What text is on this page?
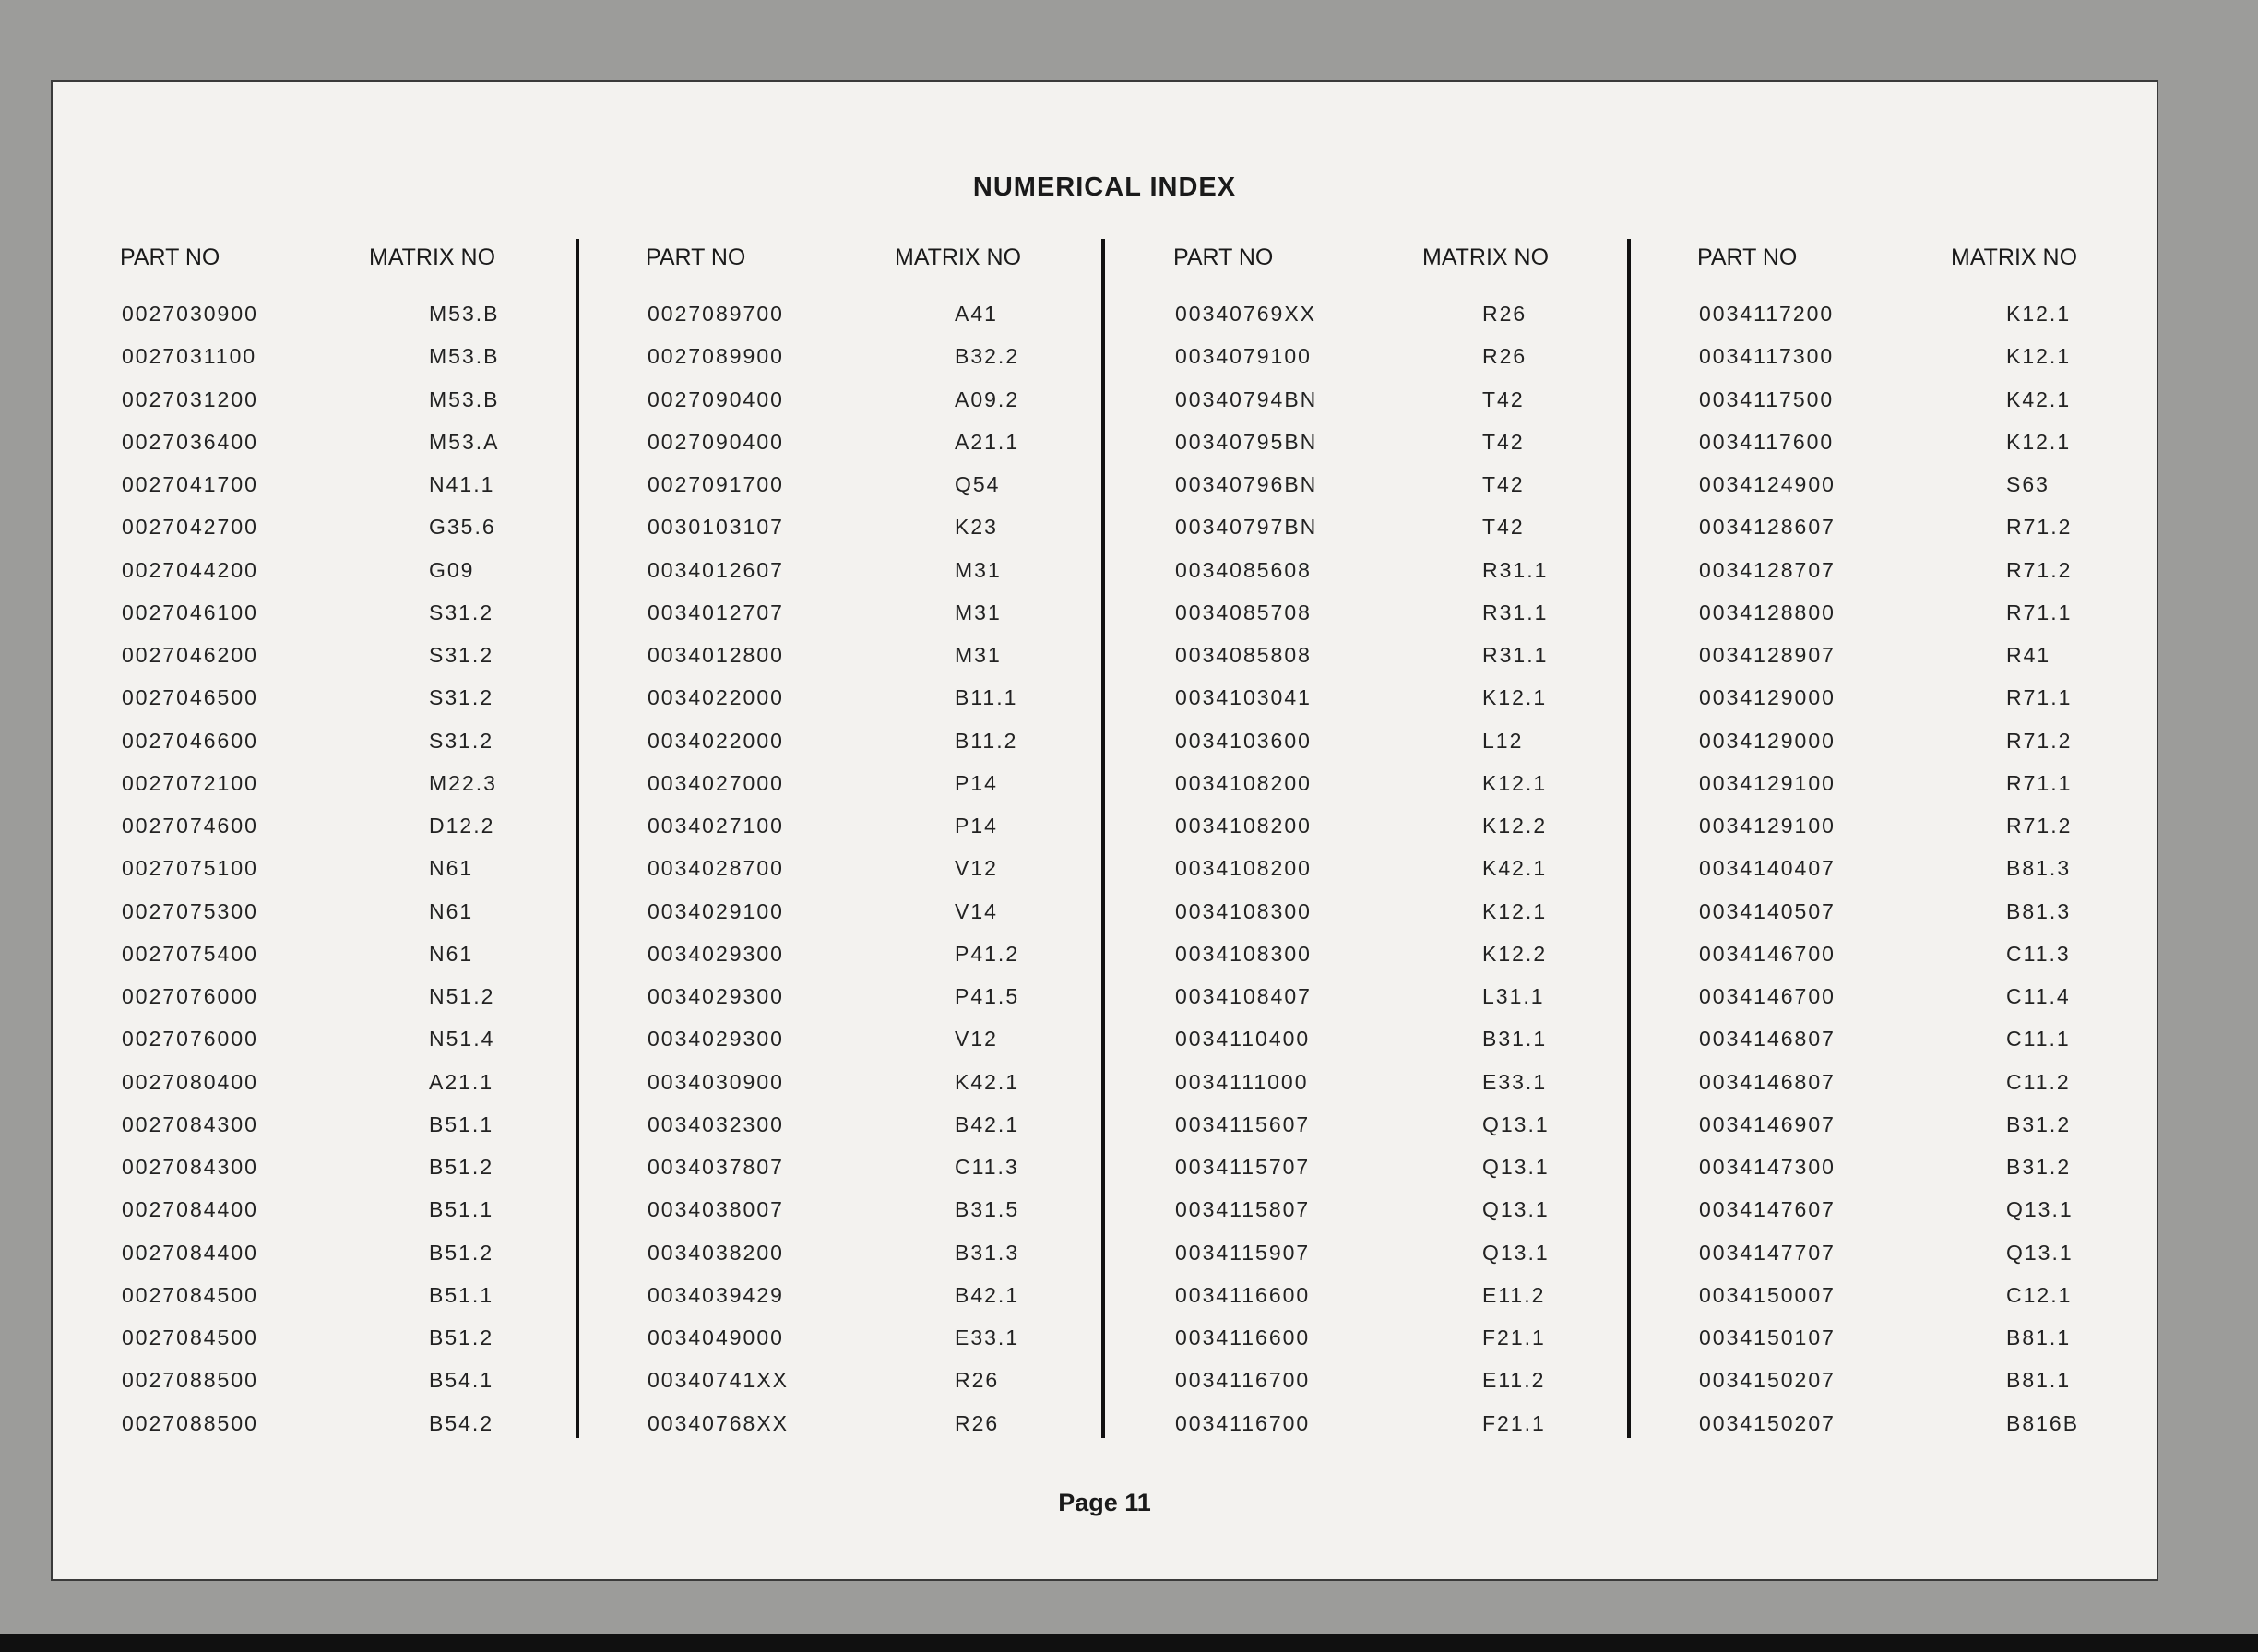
NUMERICAL INDEX
PART NO	MATRIX NO
0027030900	M53.B
0027031100	M53.B
0027031200	M53.B
0027036400	M53.A
0027041700	N41.1
0027042700	G35.6
0027044200	G09
0027046100	S31.2
0027046200	S31.2
0027046500	S31.2
0027046600	S31.2
0027072100	M22.3
0027074600	D12.2
0027075100	N61
0027075300	N61
0027075400	N61
0027076000	N51.2
0027076000	N51.4
0027080400	A21.1
0027084300	B51.1
0027084300	B51.2
0027084400	B51.1
0027084400	B51.2
0027084500	B51.1
0027084500	B51.2
0027088500	B54.1
0027088500	B54.2
PART NO	MATRIX NO
0027089700	A41
0027089900	B32.2
0027090400	A09.2
0027090400	A21.1
0027091700	Q54
0030103107	K23
0034012607	M31
0034012707	M31
0034012800	M31
0034022000	B11.1
0034022000	B11.2
0034027000	P14
0034027100	P14
0034028700	V12
0034029100	V14
0034029300	P41.2
0034029300	P41.5
0034029300	V12
0034030900	K42.1
0034032300	B42.1
0034037807	C11.3
0034038007	B31.5
0034038200	B31.3
0034039429	B42.1
0034049000	E33.1
00340741XX	R26
00340768XX	R26
PART NO	MATRIX NO
00340769XX	R26
0034079100	R26
00340794BN	T42
00340795BN	T42
00340796BN	T42
00340797BN	T42
0034085608	R31.1
0034085708	R31.1
0034085808	R31.1
0034103041	K12.1
0034103600	L12
0034108200	K12.1
0034108200	K12.2
0034108200	K42.1
0034108300	K12.1
0034108300	K12.2
0034108407	L31.1
0034110400	B31.1
0034111000	E33.1
0034115607	Q13.1
0034115707	Q13.1
0034115807	Q13.1
0034115907	Q13.1
0034116600	E11.2
0034116600	F21.1
0034116700	E11.2
0034116700	F21.1
PART NO	MATRIX NO
0034117200	K12.1
0034117300	K12.1
0034117500	K42.1
0034117600	K12.1
0034124900	S63
0034128607	R71.2
0034128707	R71.2
0034128800	R71.1
0034128907	R41
0034129000	R71.1
0034129000	R71.2
0034129100	R71.1
0034129100	R71.2
0034140407	B81.3
0034140507	B81.3
0034146700	C11.3
0034146700	C11.4
0034146807	C11.1
0034146807	C11.2
0034146907	B31.2
0034147300	B31.2
0034147607	Q13.1
0034147707	Q13.1
0034150007	C12.1
0034150107	B81.1
0034150207	B81.1
0034150207	B816B
Page 11
